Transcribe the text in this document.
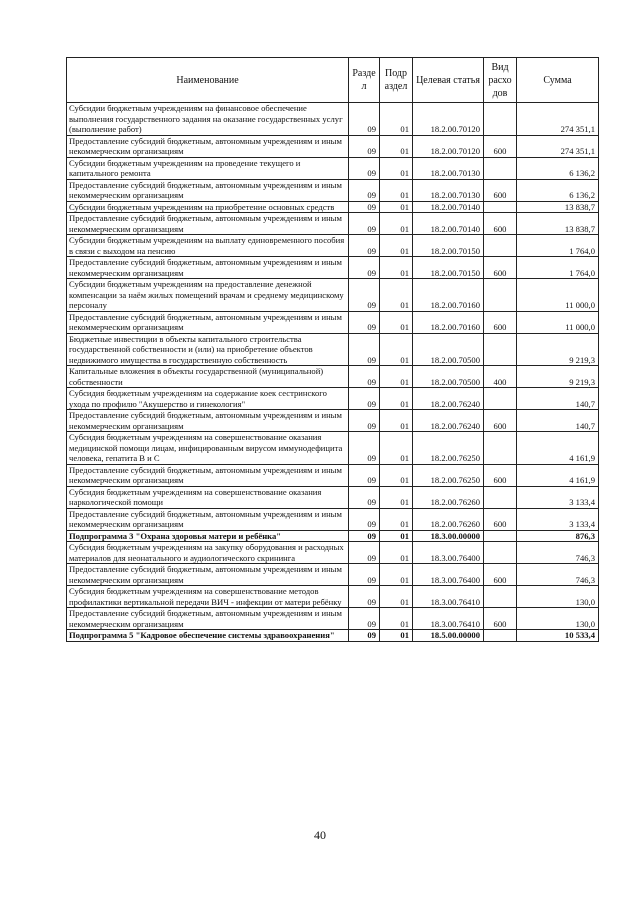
Наименование	Разде л	Подр аздел	Целевая статья	Вид расхо дов	Сумма
Субсидии бюджетным учреждениям на финансовое обеспечение выполнения государственного задания на оказание государственных услуг (выполнение работ)	09	01	18.2.00.70120		274 351,1
Предоставление субсидий бюджетным, автономным учреждениям и иным некоммерческим организациям	09	01	18.2.00.70120	600	274 351,1
Субсидии бюджетным учреждениям на проведение текущего и капитального ремонта	09	01	18.2.00.70130		6 136,2
Предоставление субсидий бюджетным, автономным учреждениям и иным некоммерческим организациям	09	01	18.2.00.70130	600	6 136,2
Субсидии бюджетным учреждениям на приобретение основных средств	09	01	18.2.00.70140		13 838,7
Предоставление субсидий бюджетным, автономным учреждениям и иным некоммерческим организациям	09	01	18.2.00.70140	600	13 838,7
Субсидии бюджетным учреждениям на выплату единовременного пособия в связи с выходом на пенсию	09	01	18.2.00.70150		1 764,0
Предоставление субсидий бюджетным, автономным учреждениям и иным некоммерческим организациям	09	01	18.2.00.70150	600	1 764,0
Субсидии бюджетным учреждениям на предоставление денежной компенсации за наём жилых помещений врачам и среднему медицинскому персоналу	09	01	18.2.00.70160		11 000,0
Предоставление субсидий бюджетным, автономным учреждениям и иным некоммерческим организациям	09	01	18.2.00.70160	600	11 000,0
Бюджетные инвестиции в объекты капитального строительства государственной собственности и (или) на приобретение объектов недвижимого имущества в государственную собственность	09	01	18.2.00.70500		9 219,3
Капитальные вложения в объекты государственной (муниципальной) собственности	09	01	18.2.00.70500	400	9 219,3
Субсидия бюджетным учреждениям на содержание коек сестринского ухода по профилю "Акушерство и гинекология"	09	01	18.2.00.76240		140,7
Предоставление субсидий бюджетным, автономным учреждениям и иным некоммерческим организациям	09	01	18.2.00.76240	600	140,7
Субсидия бюджетным учреждениям на совершенствование оказания медицинской помощи лицам, инфицированным вирусом иммунодефицита человека, гепатита В и С	09	01	18.2.00.76250		4 161,9
Предоставление субсидий бюджетным, автономным учреждениям и иным некоммерческим организациям	09	01	18.2.00.76250	600	4 161,9
Субсидия бюджетным учреждениям на совершенствование оказания наркологической помощи	09	01	18.2.00.76260		3 133,4
Предоставление субсидий бюджетным, автономным учреждениям и иным некоммерческим организациям	09	01	18.2.00.76260	600	3 133,4
Подпрограмма 3 "Охрана здоровья матери и ребёнка"	09	01	18.3.00.00000		876,3
Субсидия бюджетным учреждениям на закупку оборудования и расходных материалов для неонатального и аудиологического скрининга	09	01	18.3.00.76400		746,3
Предоставление субсидий бюджетным, автономным учреждениям и иным некоммерческим организациям	09	01	18.3.00.76400	600	746,3
Субсидия бюджетным учреждениям на совершенствование методов профилактики вертикальной передачи ВИЧ - инфекции от матери ребёнку	09	01	18.3.00.76410		130,0
Предоставление субсидий бюджетным, автономным учреждениям и иным некоммерческим организациям	09	01	18.3.00.76410	600	130,0
Подпрограмма 5 "Кадровое обеспечение системы здравоохранения"	09	01	18.5.00.00000		10 533,4
40
